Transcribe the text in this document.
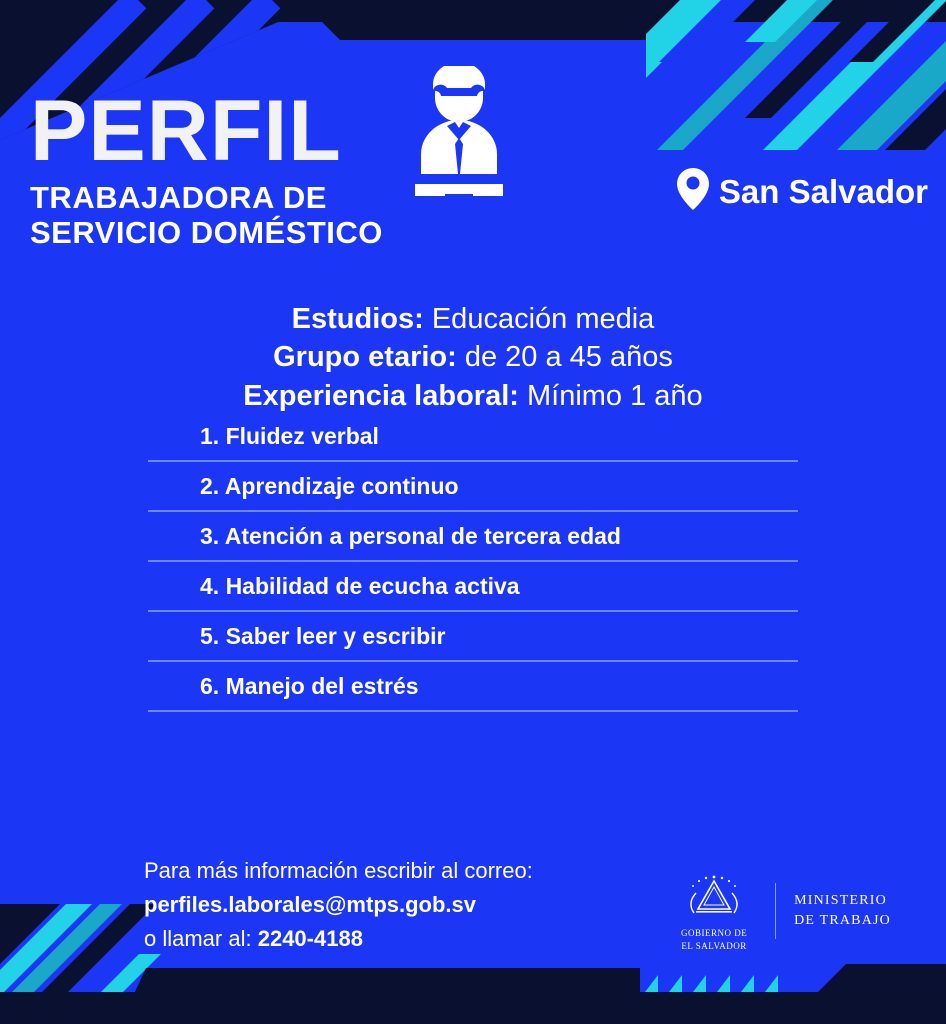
PERFIL
TRABAJADORA DE
SERVICIO DOMÉSTICO
San Salvador
Estudios: Educación media
Grupo etario: de 20 a 45 años
Experiencia laboral: Mínimo 1 año
1. Fluidez verbal
2. Aprendizaje continuo
3. Atención a personal de tercera edad
4. Habilidad de ecucha activa
5. Saber leer y escribir
6. Manejo del estrés
Para más información escribir al correo:
perfiles.laborales@mtps.gob.sv
o llamar al: 2240-4188	GOBIERNO DE
EL SALVADOR
MINISTERIO
DE TRABAJO
